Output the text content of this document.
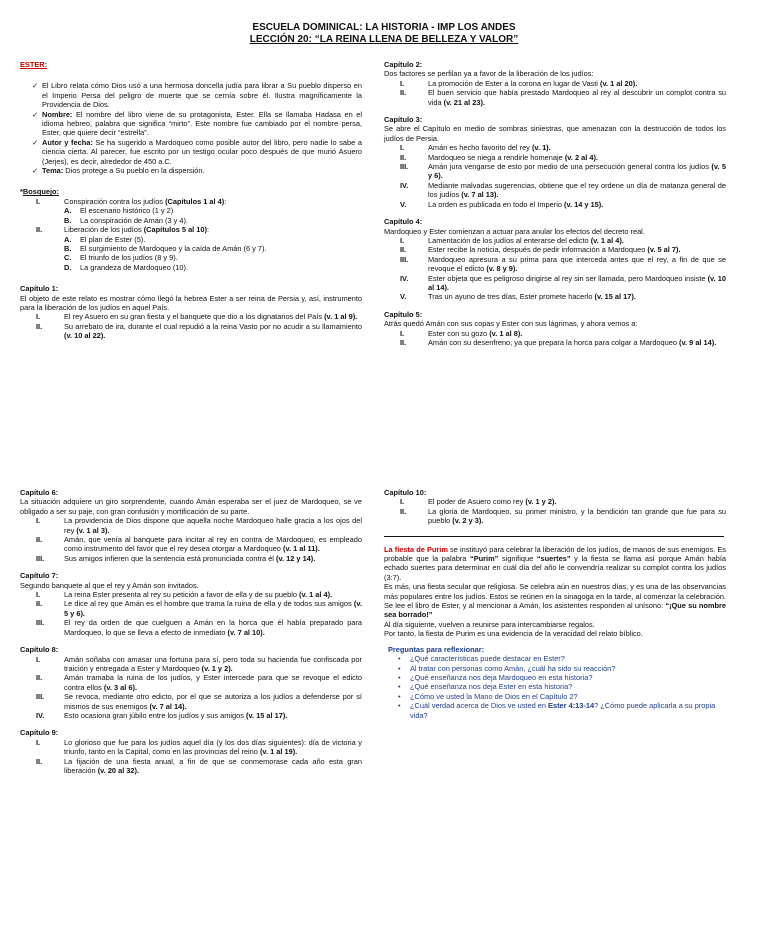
ESCUELA DOMINICAL: LA HISTORIA - IMP LOS ANDES
LECCIÓN 20: “LA REINA LLENA DE BELLEZA Y VALOR”
ESTER:
✓ El Libro relata cómo Dios usó a una hermosa doncella judía para librar a Su pueblo disperso en el Imperio Persa del peligro de muerte que se cernía sobre él. Ilustra magníficamente la Providencia de Dios.
✓ Nombre: El nombre del libro viene de su protagonista, Ester. Ella se llamaba Hadasa en el idioma hebreo, palabra que significa “mirto”. Este nombre fue cambiado por el nombre persa, Ester, que quiere decir “estrella”.
✓ Autor y fecha: Se ha sugerido a Mardoqueo como posible autor del libro, pero nadie lo sabe a ciencia cierta. Al parecer, fue escrito por un testigo ocular poco después de que murió Asuero (Jerjes), es decir, alrededor de 450 a.C.
✓ Tema: Dios protege a Su pueblo en la dispersión.
*Bosquejo:
I.	Conspiración contra los judíos (Capítulos 1 al 4):
A. El escenario histórico (1 y 2)
B. La conspiración de Amán (3 y 4).
II.	Liberación de los judíos (Capítulos 5 al 10):
A. El plan de Ester (5).
B. El surgimiento de Mardoqueo y la caída de Amán (6 y 7).
C. El triunfo de los judíos (8 y 9).
D. La grandeza de Mardoqueo (10).
Capítulo 1:
El objeto de este relato es mostrar cómo llegó la hebrea Ester a ser reina de Persia y, así, instrumento para la liberación de los judíos en aquel País.
I.	El rey Asuero en su gran fiesta y el banquete que dio a los dignatarios del País (v. 1 al 9).
II.	Su arrebato de ira, durante el cual repudió a la reina Vasto por no acudir a su llamamiento (v. 10 al 22).
Capítulo 2:
Dos factores se perfilan ya a favor de la liberación de los judíos:
I.	La promoción de Ester a la corona en lugar de Vasti (v. 1 al 20).
II.	El buen servicio que había prestado Mardoqueo al rey al descubrir un complot contra su vida (v. 21 al 23).
Capítulo 3:
Se abre el Capítulo en medio de sombras siniestras, que amenazan con la destrucción de todos los judíos de Persia.
I.	Amán es hecho favorito del rey (v. 1).
II.	Mardoqueo se niega a rendirle homenaje (v. 2 al 4).
III.	Amán jura vengarse de esto por medio de una persecución general contra los judíos (v. 5 y 6).
IV.	Mediante malvadas sugerencias, obtiene que el rey ordene un día de matanza general de los judíos (v. 7 al 13).
V.	La orden es publicada en todo el Imperio (v. 14 y 15).
Capítulo 4:
Mardoqueo y Ester comienzan a actuar para anular los efectos del decreto real.
I.	Lamentación de los judíos al enterarse del edicto (v. 1 al 4).
II.	Ester recibe la noticia, después de pedir información a Mardoqueo (v. 5 al 7).
III.	Mardoqueo apresura a su prima para que interceda antes que el rey, a fin de que se revoque el edicto (v. 8 y 9).
IV.	Ester objeta que es peligroso dirigirse al rey sin ser llamada, pero Mardoqueo insiste (v. 10 al 14).
V.	Tras un ayuno de tres días, Ester promete hacerlo (v. 15 al 17).
Capítulo 5:
Atrás quedó Amán con sus copas y Ester con sus lágrimas, y ahora vemos a:
I.	Ester con su gozo (v. 1 al 8).
II.	Amán con su desenfreno, ya que prepara la horca para colgar a Mardoqueo (v. 9 al 14).
Capítulo 6:
La situación adquiere un giro sorprendente, cuando Amán esperaba ser el juez de Mardoqueo, se ve obligado a ser su paje, con gran confusión y mortificación de su parte.
I.	La providencia de Dios dispone que aquella noche Mardoqueo halle gracia a los ojos del rey (v. 1 al 3).
II.	Amán, que venía al banquete para incitar al rey en contra de Mardoqueo, es empleado como instrumento del favor que el rey desea otorgar a Mardoqueo (v. 1 al 11).
III.	Sus amigos infieren que la sentencia está pronunciada contra él (v. 12 y 14).
Capítulo 7:
Segundo banquete al que el rey y Amán son invitados.
I.	La reina Ester presenta al rey su petición a favor de ella y de su pueblo (v. 1 al 4).
II.	Le dice al rey que Amán es el hombre que trama la ruina de ella y de todos sus amigos (v. 5 y 6).
III.	El rey da orden de que cuelguen a Amán en la horca que él había preparado para Mardoqueo, lo que se lleva a efecto de inmediato (v. 7 al 10).
Capítulo 8:
I.	Amán soñaba con amasar una fortuna para sí, pero toda su hacienda fue confiscada por traición y entregada a Ester y Mardoqueo (v. 1 y 2).
II.	Amán tramaba la ruina de los judíos, y Ester intercede para que se revoque el edicto contra ellos (v. 3 al 6).
III.	Se revoca, mediante otro edicto, por el que se autoriza a los judíos a defenderse por sí mismos de sus enemigos (v. 7 al 14).
IV.	Esto ocasiona gran júbilo entre los judíos y sus amigos (v. 15 al 17).
Capítulo 9:
I.	Lo glorioso que fue para los judíos aquel día (y los dos días siguientes): día de victoria y triunfo, tanto en la Capital, como en las provincias del reino (v. 1 al 19).
II.	La fijación de una fiesta anual, a fin de que se conmemorase cada año esta gran liberación (v. 20 al 32).
Capítulo 10:
I.	El poder de Asuero como rey (v. 1 y 2).
II.	La gloria de Mardoqueo, su primer ministro, y la bendición tan grande que fue para su pueblo (v. 2 y 3).
La fiesta de Purim se instituyó para celebrar la liberación de los judíos, de manos de sus enemigos. Es probable que la palabra “Purim” signifique “suertes” y la fiesta se llama así porque Amán había echado suertes para determinar en cuál día del año le convendría realizar su complot contra los judíos (3:7).
Es más, una fiesta secular que religiosa. Se celebra aún en nuestros días, y es una de las observancias más populares entre los judíos. Estos se reúnen en la sinagoga en la tarde, al comenzar la celebración. Se lee el libro de Ester, y al mencionar a Amán, los asistentes responden al unísono: “¡Que su nombre sea borrado!”
Al día siguiente, vuelven a reunirse para intercambiarse regalos.
Por tanto, la fiesta de Purim es una evidencia de la veracidad del relato bíblico.
Preguntas para reflexionar:
• ¿Qué características puede destacar en Ester?
• Al tratar con personas como Amán, ¿cuál ha sido su reacción?
• ¿Qué enseñanza nos deja Mardoqueo en esta historia?
• ¿Qué enseñanza nos deja Ester en esta historia?
• ¿Cómo ve usted la Mano de Dios en el Capítulo 2?
• ¿Cuál verdad acerca de Dios ve usted en Ester 4:13-14? ¿Cómo puede aplicarla a su propia vida?
